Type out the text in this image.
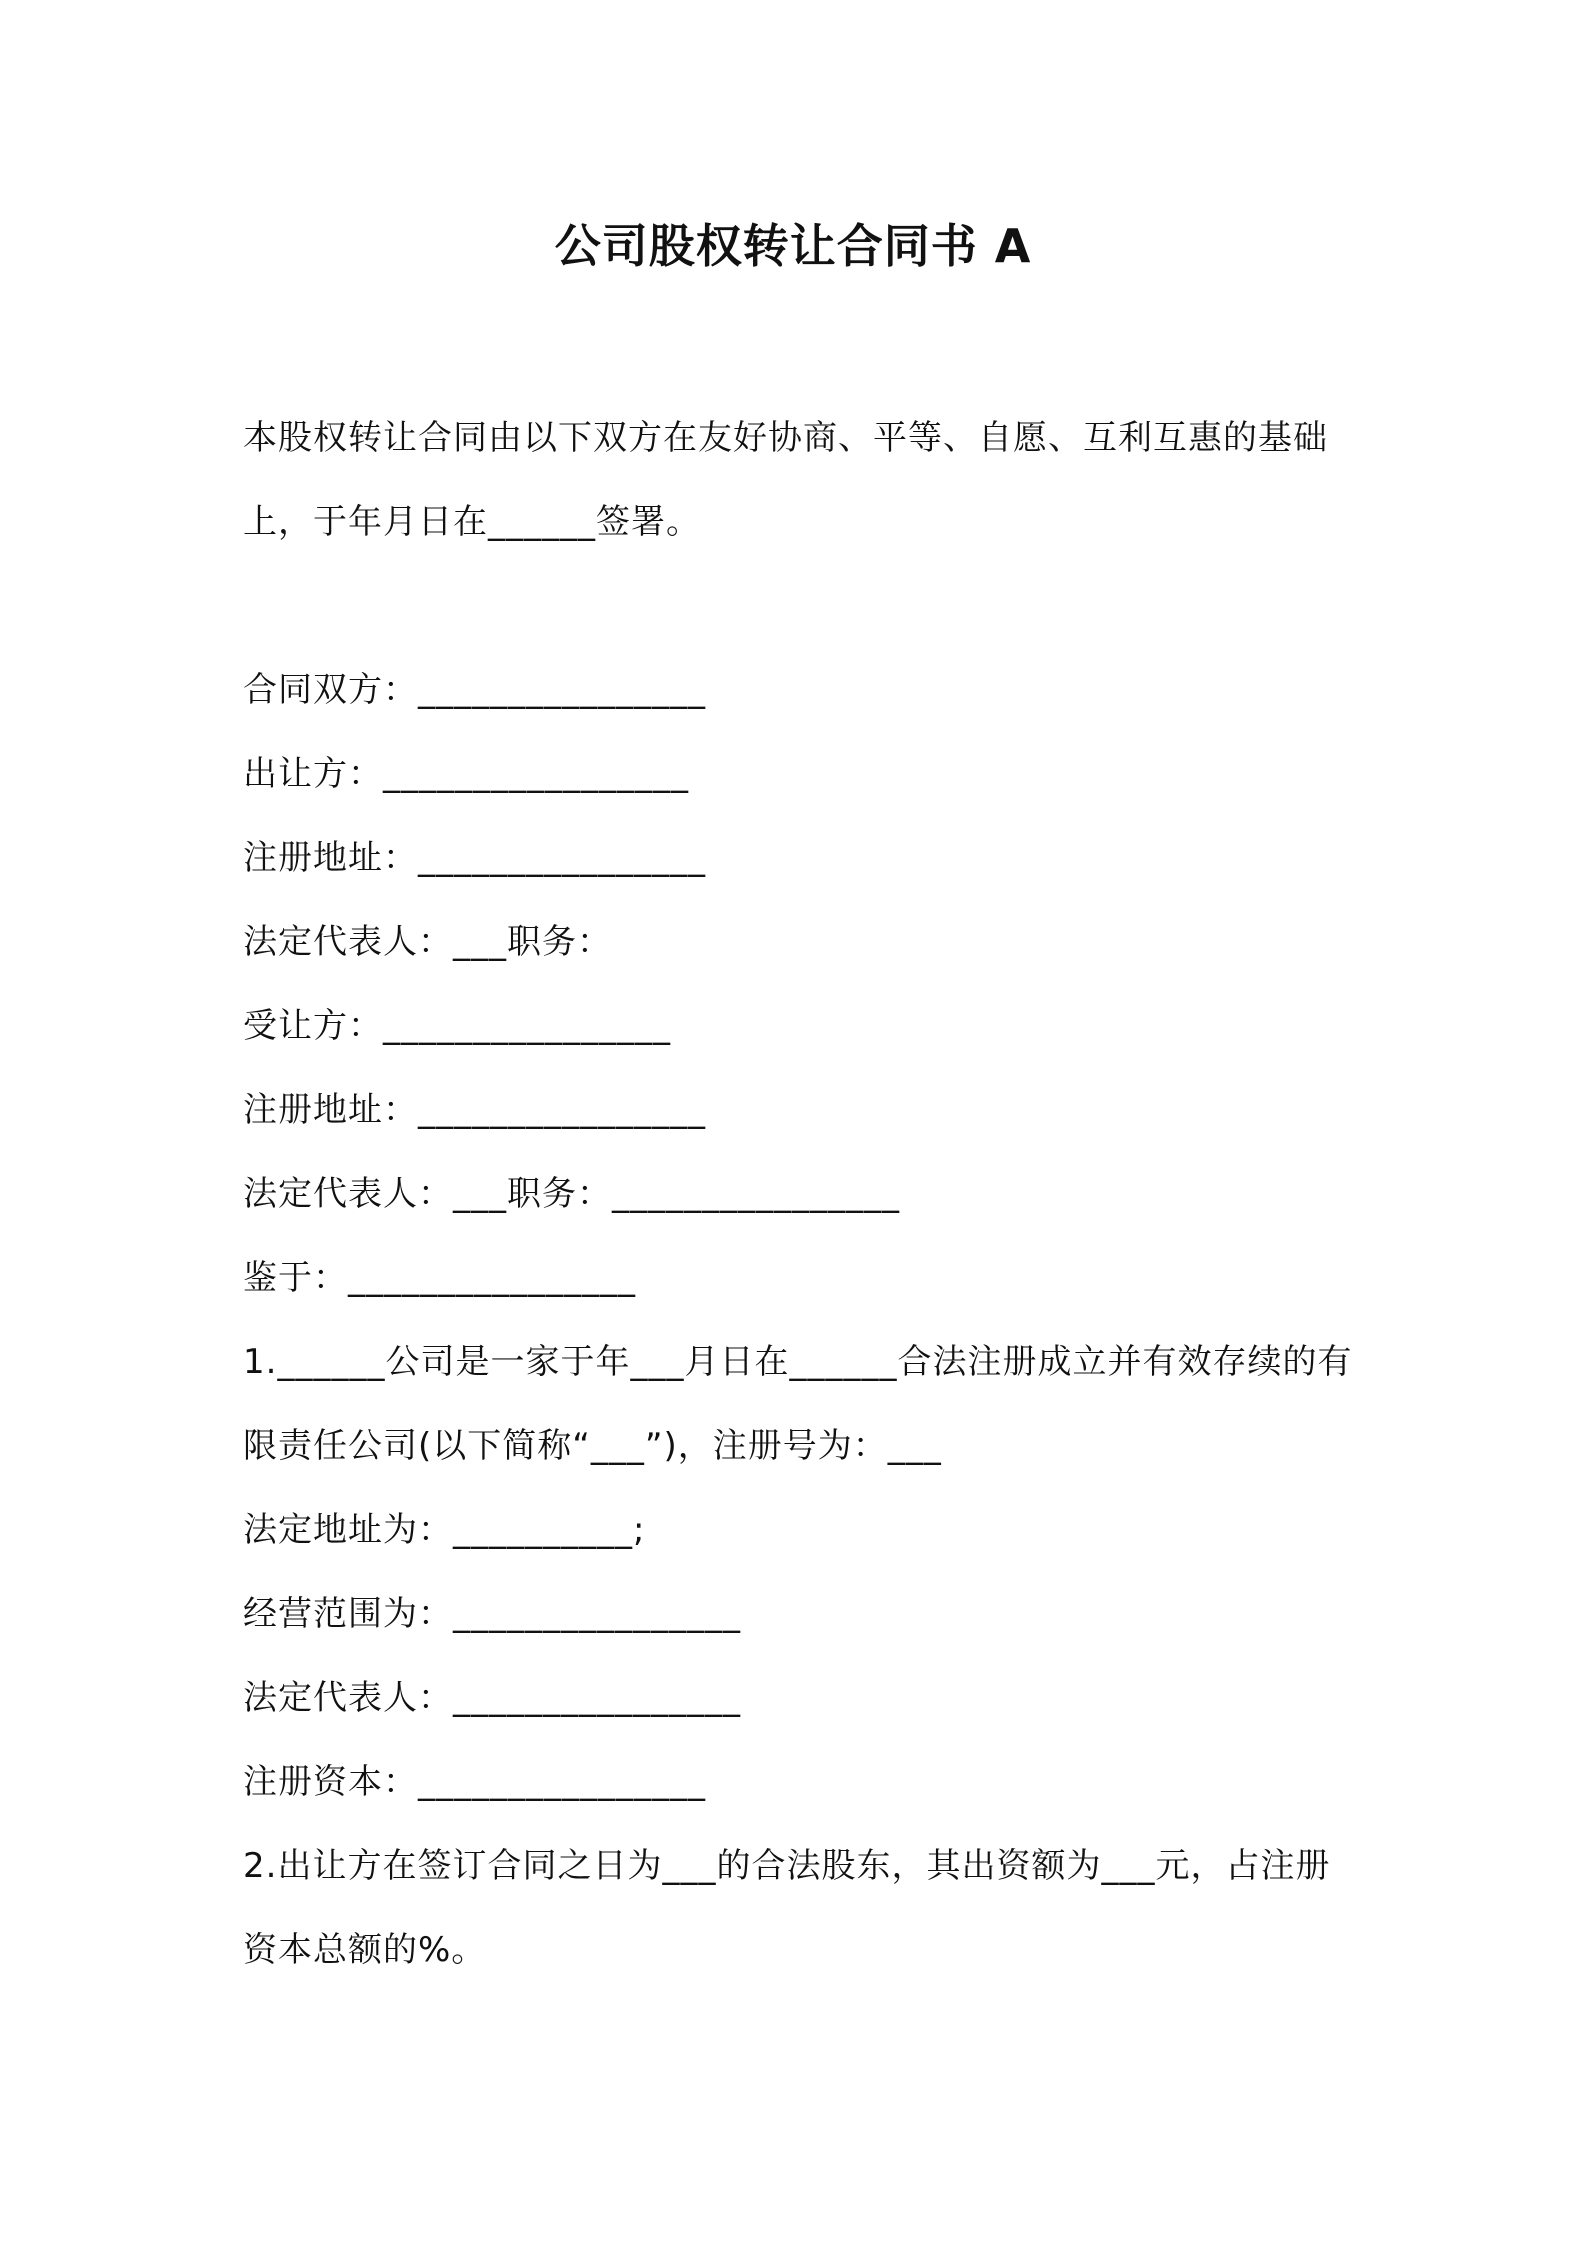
公司股权转让合同书 A
本股权转让合同由以下双方在友好协商、平等、自愿、互利互惠的基础上，于年月日在______签署。
合同双方：________________
出让方：_________________
注册地址：________________
法定代表人：___职务：
受让方：________________
注册地址：________________
法定代表人：___职务：________________
鉴于：________________
1.______公司是一家于年___月日在______合法注册成立并有效存续的有限责任公司(以下简称“___”)，注册号为：___
法定地址为：__________;
经营范围为：________________
法定代表人：________________
注册资本：________________
2.出让方在签订合同之日为___的合法股东，其出资额为___元，占注册资本总额的%。
